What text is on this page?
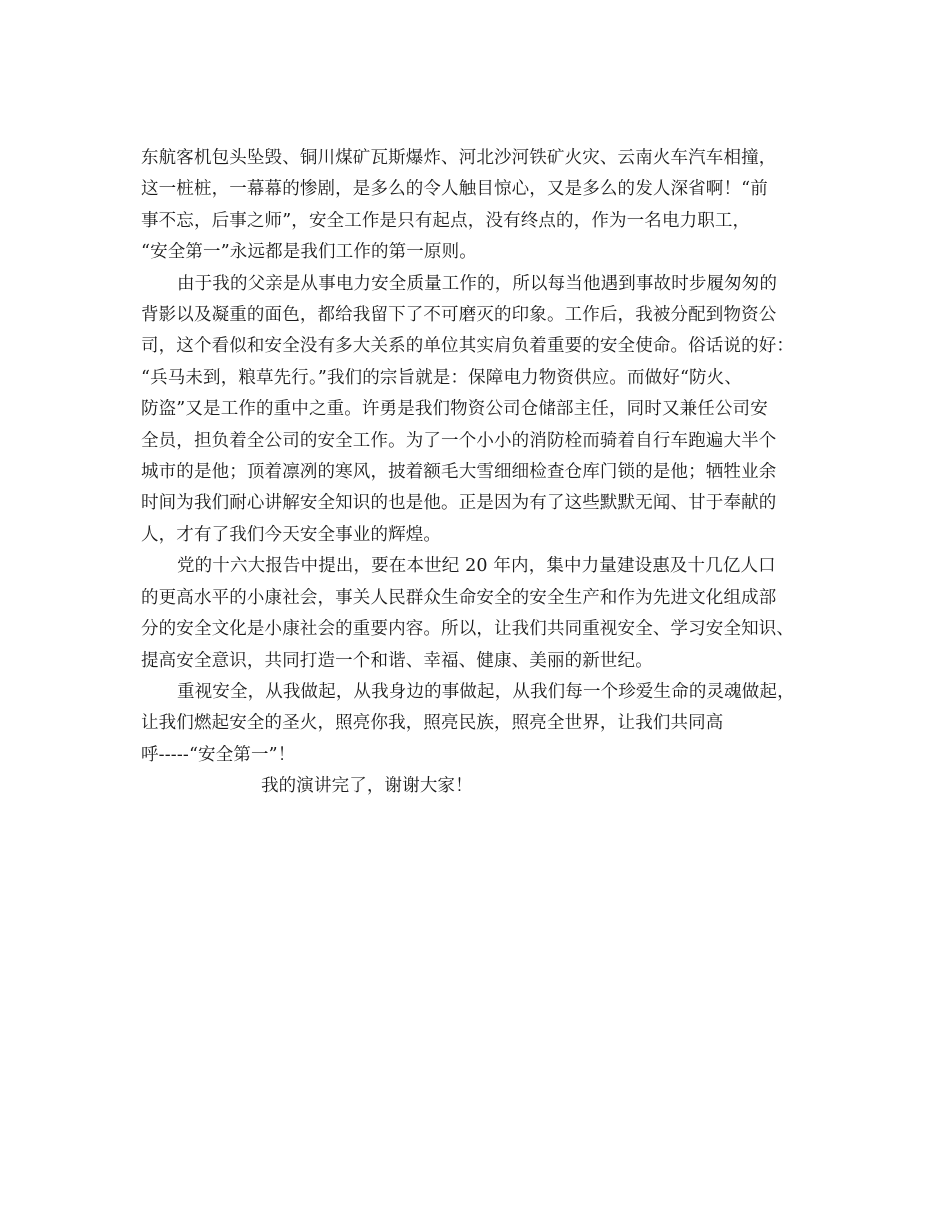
东航客机包头坠毁、铜川煤矿瓦斯爆炸、河北沙河铁矿火灾、云南火车汽车相撞，
这一桩桩，一幕幕的惨剧，是多么的令人触目惊心，又是多么的发人深省啊！“前
事不忘，后事之师”，安全工作是只有起点，没有终点的，作为一名电力职工，
“安全第一”永远都是我们工作的第一原则。
由于我的父亲是从事电力安全质量工作的，所以每当他遇到事故时步履匆匆的
背影以及凝重的面色，都给我留下了不可磨灭的印象。工作后，我被分配到物资公
司，这个看似和安全没有多大关系的单位其实肩负着重要的安全使命。俗话说的好：
“兵马未到，粮草先行。”我们的宗旨就是：保障电力物资供应。而做好“防火、
防盗”又是工作的重中之重。许勇是我们物资公司仓储部主任，同时又兼任公司安
全员，担负着全公司的安全工作。为了一个小小的消防栓而骑着自行车跑遍大半个
城市的是他；顶着凛冽的寒风，披着额毛大雪细细检查仓库门锁的是他；牺牲业余
时间为我们耐心讲解安全知识的也是他。正是因为有了这些默默无闻、甘于奉献的
人，才有了我们今天安全事业的辉煌。
党的十六大报告中提出，要在本世纪 20 年内，集中力量建设惠及十几亿人口
的更高水平的小康社会，事关人民群众生命安全的安全生产和作为先进文化组成部
分的安全文化是小康社会的重要内容。所以，让我们共同重视安全、学习安全知识、
提高安全意识，共同打造一个和谐、幸福、健康、美丽的新世纪。
重视安全，从我做起，从我身边的事做起，从我们每一个珍爱生命的灵魂做起，
让我们燃起安全的圣火，照亮你我，照亮民族，照亮全世界，让我们共同高
呼-----“安全第一”！
我的演讲完了，谢谢大家！
